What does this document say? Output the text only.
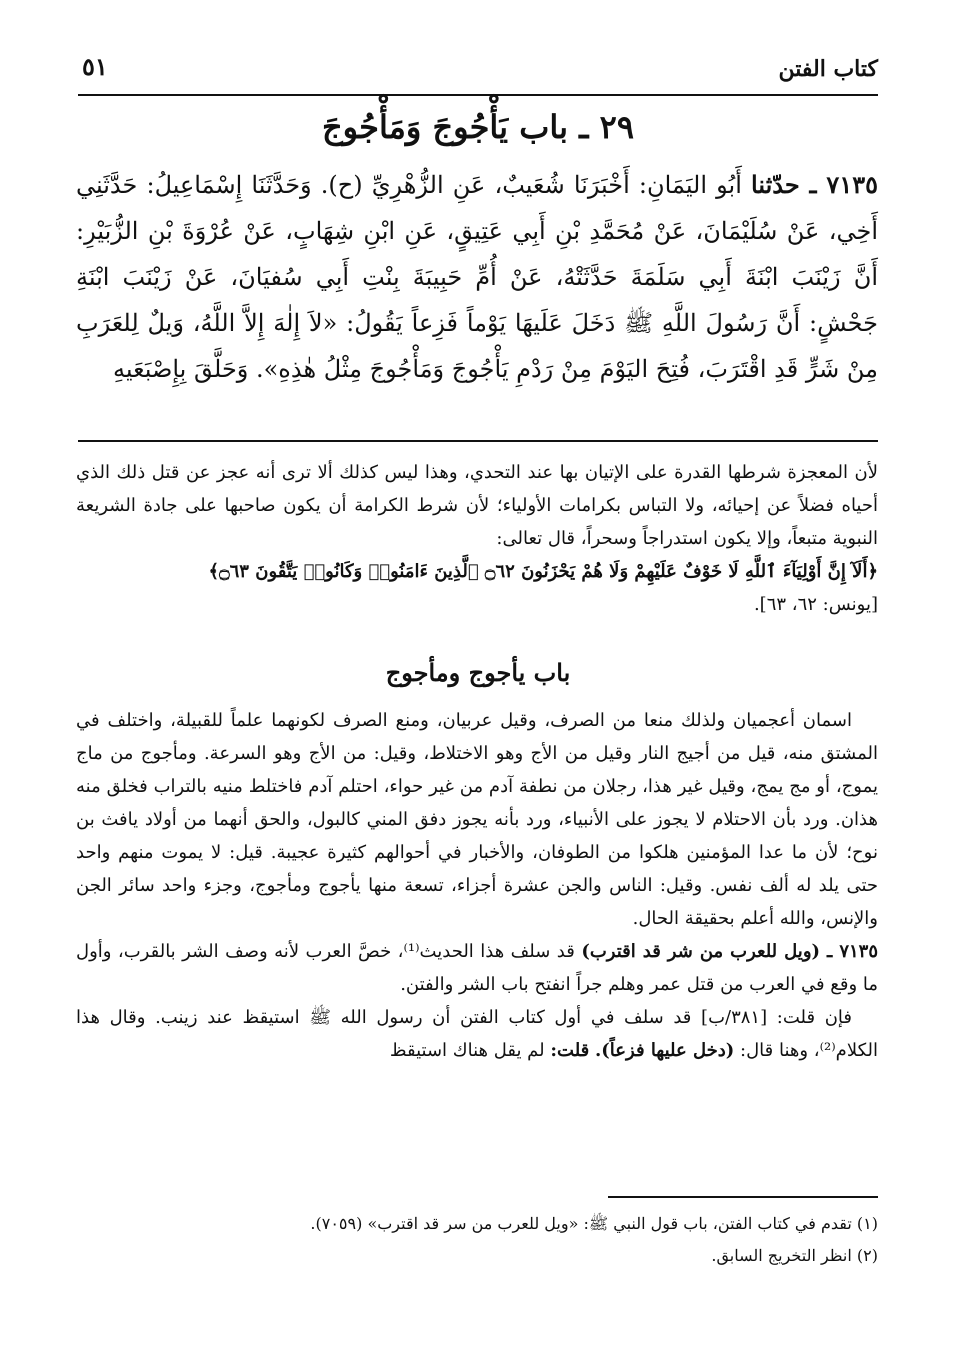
كتاب الفتن
٥١
٢٩ ـ باب يَأْجُوجَ وَمَأْجُوجَ

٧١٣٥ ـ حدّثنا أَبُو اليَمَانِ: أَخْبَرَنَا شُعَيبٌ، عَنِ الزُّهْرِيِّ (ح). وَحَدَّثَنَا إِسْمَاعِيلُ: حَدَّثَنِي أَخِي، عَنْ سُلَيْمَانَ، عَنْ مُحَمَّدِ بْنِ أَبِي عَتِيقٍ، عَنِ ابْنِ شِهَابٍ، عَنْ عُرْوَةَ بْنِ الزُّبَيْرِ: أَنَّ زَيْنَبَ ابْنَةَ أَبِي سَلَمَةَ حَدَّثَتْهُ، عَنْ أُمِّ حَبِيبَةَ بِنْتِ أَبِي سُفيَانَ، عَنْ زَيْنَبَ ابْنَةِ جَحْشٍ: أَنَّ رَسُولَ اللَّهِ ﷺ دَخَلَ عَلَيهَا يَوْماً فَزِعاً يَقُولُ: «لاَ إِلٰهَ إِلاَّ اللَّهُ، وَيلٌ لِلعَرَبِ مِنْ شَرٍّ قَدِ اقْتَرَبَ، فُتِحَ اليَوْمَ مِنْ رَدْمِ يَأْجُوجَ وَمَأْجُوجَ مِثْلُ هٰذِهِ». وَحَلَّقَ بِإِصْبَعَيهِ

لأن المعجزة شرطها القدرة على الإتيان بها عند التحدي، وهذا ليس كذلك ألا ترى أنه عجز عن قتل ذلك الذي أحياه فضلاً عن إحيائه، ولا التباس بكرامات الأولياء؛ لأن شرط الكرامة أن يكون صاحبها على جادة الشريعة النبوية متبعاً، وإلا يكون استدراجاً وسحراً، قال تعالى:

﴿أَلَآ إِنَّ أَوْلِيَآءَ ٱللَّهِ لَا خَوْفٌ عَلَيْهِمْ وَلَا هُمْ يَحْزَنُونَ ۝٦٢ ٱلَّذِينَ ءَامَنُوا۟ وَكَانُوا۟ يَتَّقُونَ ۝٦٣﴾

[يونس: ٦٢، ٦٣].

باب يأجوج ومأجوج

اسمان أعجميان ولذلك منعا من الصرف، وقيل عربيان، ومنع الصرف لكونهما علماً للقبيلة، واختلف في المشتق منه، قيل من أجيج النار وقيل من الأج وهو الاختلاط، وقيل: من الأج وهو السرعة. ومأجوج من ماج يموج، أو مج يمج، وقيل غير هذا، رجلان من نطفة آدم من غير حواء، احتلم آدم فاختلط منيه بالتراب فخلق منه هذان. ورد بأن الاحتلام لا يجوز على الأنبياء، ورد بأنه يجوز دفق المني كالبول، والحق أنهما من أولاد يافث بن نوح؛ لأن ما عدا المؤمنين هلكوا من الطوفان، والأخبار في أحوالهم كثيرة عجيبة. قيل: لا يموت منهم واحد حتى يلد له ألف نفس. وقيل: الناس والجن عشرة أجزاء، تسعة منها يأجوج ومأجوج، وجزء واحد سائر الجن والإنس، والله أعلم بحقيقة الحال.

٧١٣٥ ـ (ويل للعرب من شر قد اقترب) قد سلف هذا الحديث⁽¹⁾، خصَّ العرب لأنه وصف الشر بالقرب، وأول ما وقع في العرب من قتل عمر وهلم جراً انفتح باب الشر والفتن.

فإن قلت: [٣٨١/ب] قد سلف في أول كتاب الفتن أن رسول الله ﷺ استيقظ عند زينب. وقال هذا الكلام⁽²⁾، وهنا قال: (دخل عليها فزعاً). قلت: لم يقل هناك استيقظ

(١) تقدم في كتاب الفتن، باب قول النبي ﷺ: «ويل للعرب من سر قد اقترب» (٧٠٥٩).
(٢) انظر التخريج السابق.
